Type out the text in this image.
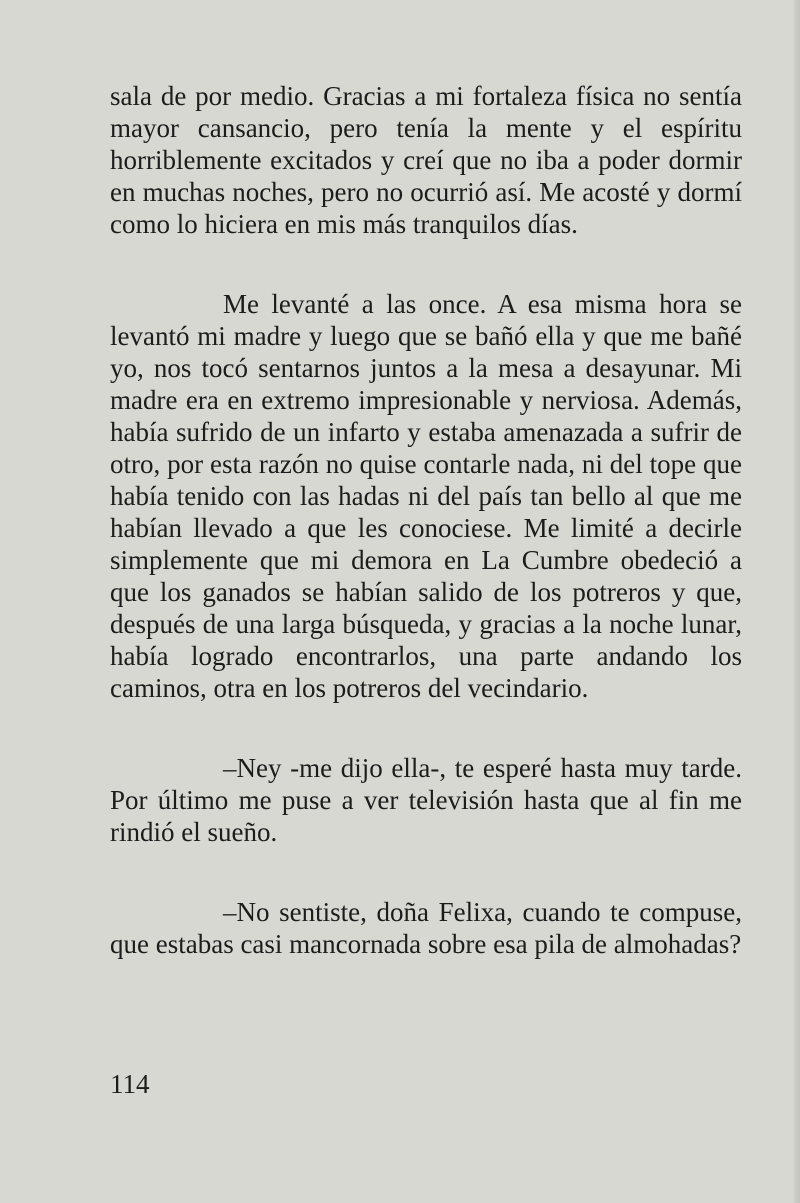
sala de por medio. Gracias a mi fortaleza física no sentía mayor cansancio, pero tenía la mente y el espíritu horriblemente excitados y creí que no iba a poder dormir en muchas noches, pero no ocurrió así. Me acosté y dormí como lo hiciera en mis más tranquilos días.

Me levanté a las once. A esa misma hora se levantó mi madre y luego que se bañó ella y que me bañé yo, nos tocó sentarnos juntos a la mesa a desayunar. Mi madre era en extremo impresionable y nerviosa. Además, había sufrido de un infarto y estaba amenazada a sufrir de otro, por esta razón no quise contarle nada, ni del tope que había tenido con las hadas ni del país tan bello al que me habían llevado a que les conociese. Me limité a decirle simplemente que mi demora en La Cumbre obedeció a que los ganados se habían salido de los potreros y que, después de una larga búsqueda, y gracias a la noche lunar, había logrado encontrarlos, una parte andando los caminos, otra en los potreros del vecindario.

–Ney -me dijo ella-, te esperé hasta muy tarde. Por último me puse a ver televisión hasta que al fin me rindió el sueño.

–No sentiste, doña Felixa, cuando te compuse, que estabas casi mancornada sobre esa pila de almohadas?

114
